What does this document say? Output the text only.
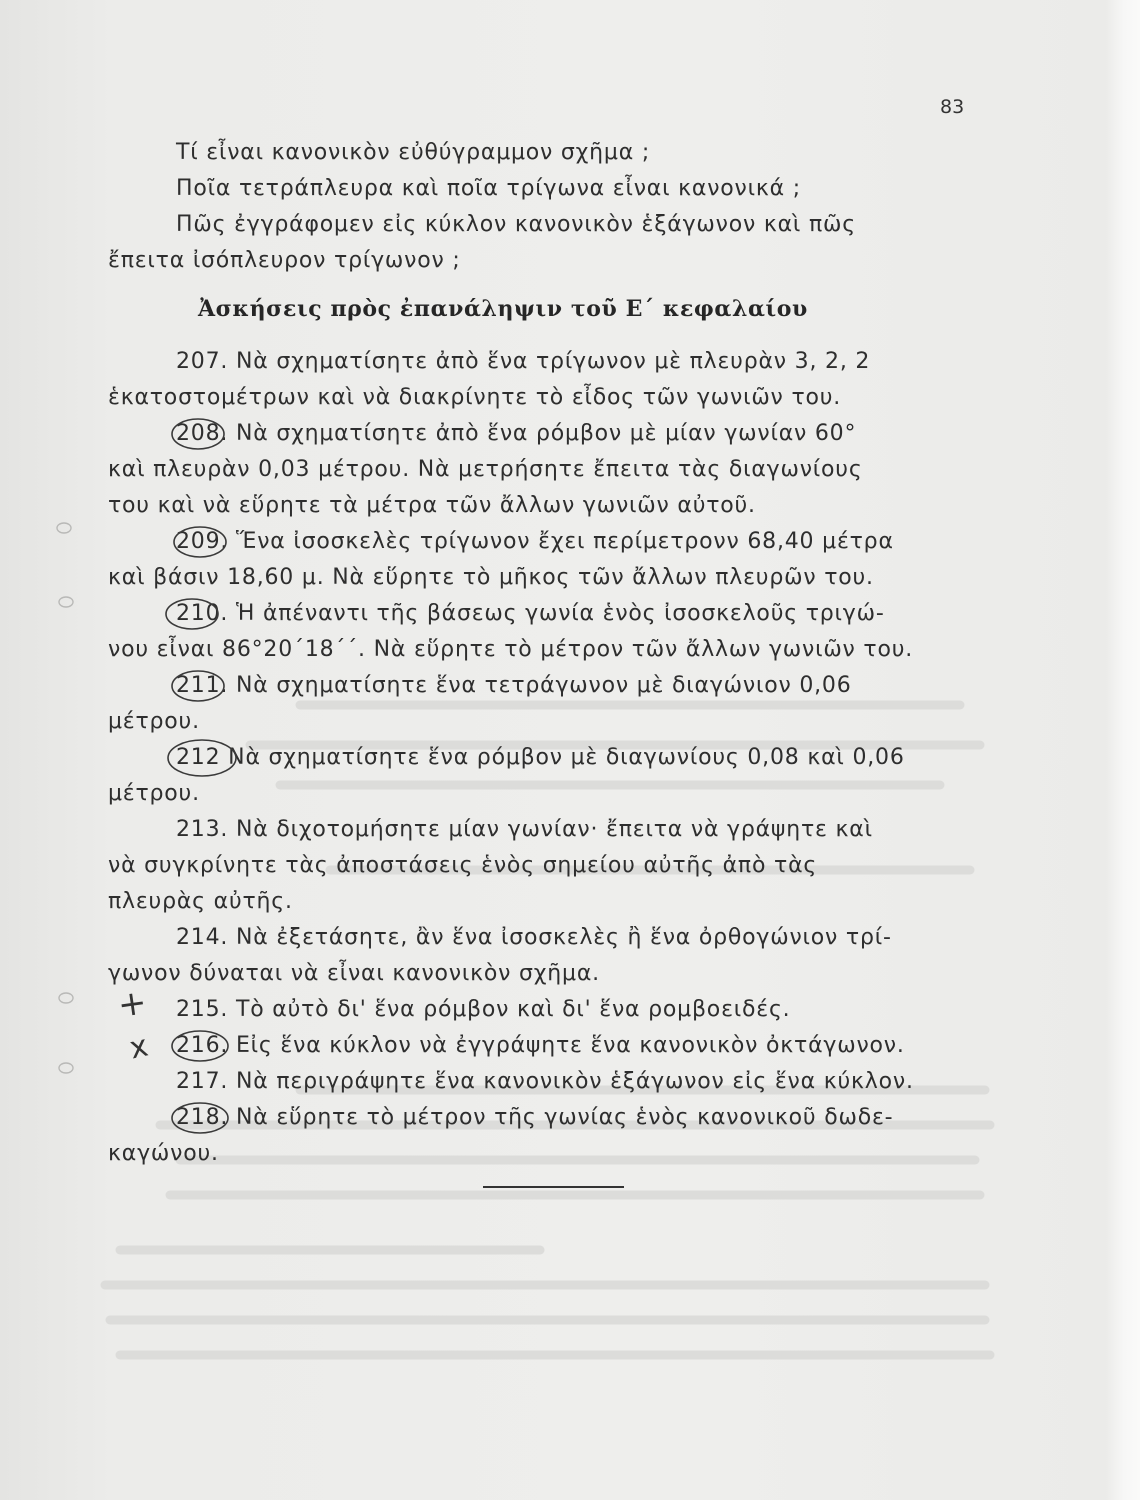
83
Τί εἶναι κανονικὸν εὐθύγραμμον σχῆμα ;
Ποῖα τετράπλευρα καὶ ποῖα τρίγωνα εἶναι κανονικά ;
Πῶς ἐγγράφομεν εἰς κύκλον κανονικὸν ἑξάγωνον καὶ πῶς
ἔπειτα ἰσόπλευρον τρίγωνον ;
Ἀσκήσεις πρὸς ἐπανάληψιν τοῦ Ε΄ κεφαλαίου
207. Νὰ σχηματίσητε ἀπὸ ἕνα τρίγωνον μὲ πλευρὰν 3, 2, 2
ἑκατοστομέτρων καὶ νὰ διακρίνητε τὸ εἶδος τῶν γωνιῶν του.
208. Νὰ σχηματίσητε ἀπὸ ἕνα ρόμβον μὲ μίαν γωνίαν 60°
καὶ πλευρὰν 0,03 μέτρου. Νὰ μετρήσητε ἔπειτα τὰς διαγωνίους
του καὶ νὰ εὕρητε τὰ μέτρα τῶν ἄλλων γωνιῶν αὐτοῦ.
209. Ἕνα ἰσοσκελὲς τρίγωνον ἔχει περίμετρονν 68,40 μέτρα
καὶ βάσιν 18,60 μ. Νὰ εὕρητε τὸ μῆκος τῶν ἄλλων πλευρῶν του.
210. Ἡ ἀπέναντι τῆς βάσεως γωνία ἑνὸς ἰσοσκελοῦς τριγώ-
νου εἶναι 86°20΄18΄΄. Νὰ εὕρητε τὸ μέτρον τῶν ἄλλων γωνιῶν του.
211. Νὰ σχηματίσητε ἕνα τετράγωνον μὲ διαγώνιον 0,06
μέτρου.
212 Νὰ σχηματίσητε ἕνα ρόμβον μὲ διαγωνίους 0,08 καὶ 0,06
μέτρου.
213. Νὰ διχοτομήσητε μίαν γωνίαν· ἔπειτα νὰ γράψητε καὶ
νὰ συγκρίνητε τὰς ἀποστάσεις ἑνὸς σημείου αὐτῆς ἀπὸ τὰς
πλευρὰς αὐτῆς.
214. Νὰ ἐξετάσητε, ἂν ἕνα ἰσοσκελὲς ἢ ἕνα ὀρθογώνιον τρί-
γωνον δύναται νὰ εἶναι κανονικὸν σχῆμα.
215. Τὸ αὐτὸ δι' ἕνα ρόμβον καὶ δι' ἕνα ρομβοειδές.
216. Εἰς ἕνα κύκλον νὰ ἐγγράψητε ἕνα κανονικὸν ὀκτάγωνον.
217. Νὰ περιγράψητε ἕνα κανονικὸν ἑξάγωνον εἰς ἕνα κύκλον.
218. Νὰ εὕρητε τὸ μέτρον τῆς γωνίας ἑνὸς κανονικοῦ δωδε-
καγώνου.
+
x
